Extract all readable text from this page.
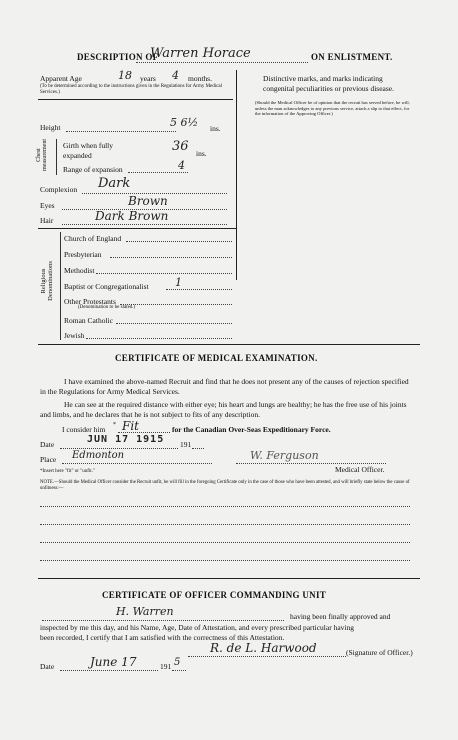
DESCRIPTION OF
Warren Horace	ON ENLISTMENT.
Apparent Age	18 years 4 months.
(To be determined according to the instructions given in the Regulations for Army Medical Services.)
Distinctive marks, and marks indicating congenital peculiarities or previous disease.
(Should the Medical Officer be of opinion that the recruit has served before, he will, unless the man acknowledges to any previous service, attach a slip to that effect, for the information of the Approving Officer.)
Height	5 6½ ins.
Chest measurement Girth when fully expanded
36 ins.
Range of expansion	4
Complexion Dark
Eyes	Brown
Hair	Dark Brown
Religious Denominations
Church of England
Presbyterian
Methodist
Baptist or Congregationalist 1
Other Protestants
(Denomination to be stated.)
Roman Catholic
Jewish
CERTIFICATE OF MEDICAL EXAMINATION.
I have examined the above-named Recruit and find that he does not present any of the causes of rejection specified in the Regulations for Army Medical Services.
He can see at the required distance with either eye; his heart and lungs are healthy; he has the free use of his joints and limbs, and he declares that he is not subject to fits of any description.
I consider him * Fit	for the Canadian Over-Seas Expeditionary Force.
Date	JUN 17 1915 191
Place Edmonton	W. Ferguson
Medical Officer.
*Insert here "fit" or "unfit."
NOTE.—Should the Medical Officer consider the Recruit unfit, he will fill in the foregoing Certificate only in the case of those who have been attested, and will briefly state below the cause of unfitness:—
CERTIFICATE OF OFFICER COMMANDING UNIT
H. Warren	having been finally approved and
inspected by me this day, and his Name, Age, Date of Attestation, and every prescribed particular having
been recorded, I certify that I am satisfied with the correctness of this Attestation.
R. de L. Harwood	(Signature of Officer.)
Date	June 17	191 5
